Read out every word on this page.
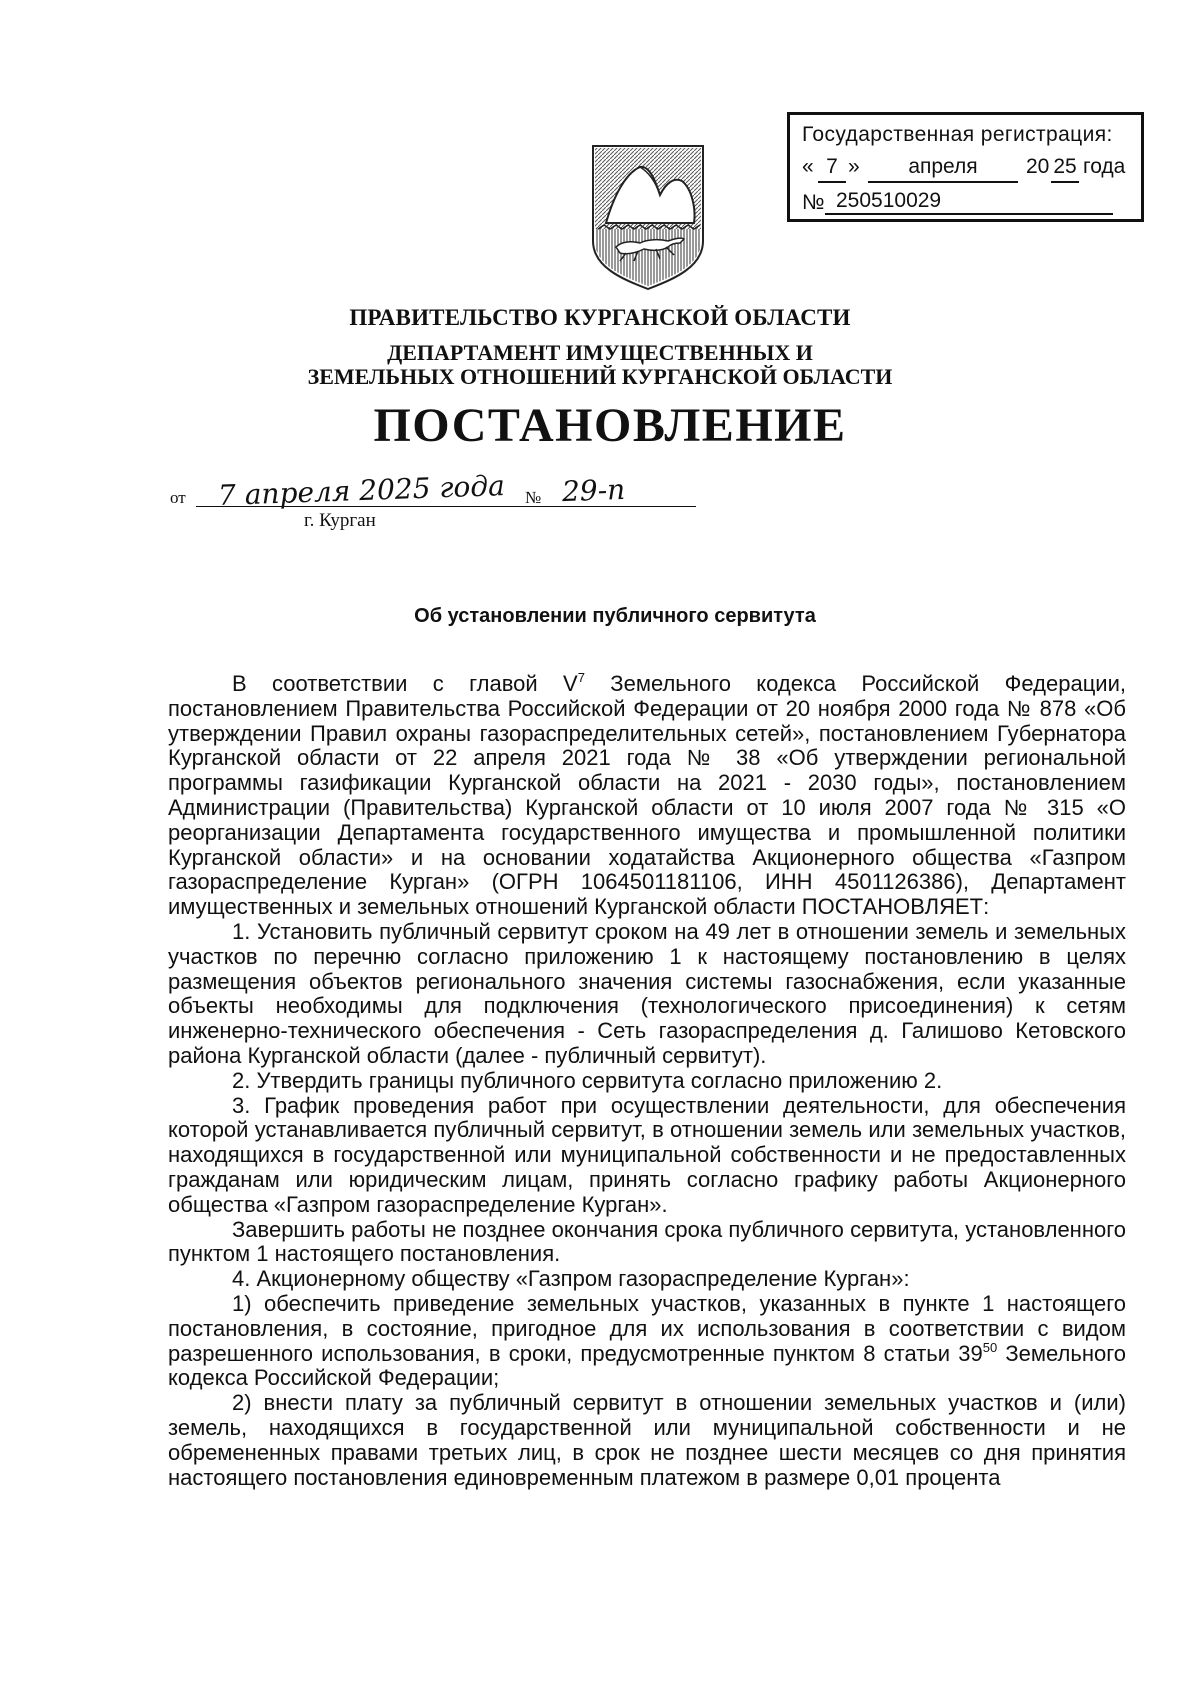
Государственная регистрация:
« 7 »	апреля	20 25 года
№ 250510029
ПРАВИТЕЛЬСТВО КУРГАНСКОЙ ОБЛАСТИ
ДЕПАРТАМЕНТ ИМУЩЕСТВЕННЫХ И
ЗЕМЕЛЬНЫХ ОТНОШЕНИЙ КУРГАНСКОЙ ОБЛАСТИ
ПОСТАНОВЛЕНИЕ
от 7 апреля 2025 года № 29-п
г. Курган
Об установлении публичного сервитута

В соответствии с главой $V^7$ Земельного кодекса Российской Федерации, постановлением Правительства Российской Федерации от 20 ноября 2000 года № 878 «Об утверждении Правил охраны газораспределительных сетей», постановлением Губернатора Курганской области от 22 апреля 2021 года № 38 «Об утверждении региональной программы газификации Курганской области на 2021 - 2030 годы», постановлением Администрации (Правительства) Курганской области от 10 июля 2007 года № 315 «О реорганизации Департамента государственного имущества и промышленной политики Курганской области» и на основании ходатайства Акционерного общества «Газпром газораспределение Курган» (ОГРН 1064501181106, ИНН 4501126386), Департамент имущественных и земельных отношений Курганской области ПОСТАНОВЛЯЕТ:

1. Установить публичный сервитут сроком на 49 лет в отношении земель и земельных участков по перечню согласно приложению 1 к настоящему постановлению в целях размещения объектов регионального значения системы газоснабжения, если указанные объекты необходимы для подключения (технологического присоединения) к сетям инженерно-технического обеспечения - Сеть газораспределения д. Галишово Кетовского района Курганской области (далее - публичный сервитут).

2. Утвердить границы публичного сервитута согласно приложению 2.

3. График проведения работ при осуществлении деятельности, для обеспечения которой устанавливается публичный сервитут, в отношении земель или земельных участков, находящихся в государственной или муниципальной собственности и не предоставленных гражданам или юридическим лицам, принять согласно графику работы Акционерного общества «Газпром газораспределение Курган».

Завершить работы не позднее окончания срока публичного сервитута, установленного пунктом 1 настоящего постановления.

4. Акционерному обществу «Газпром газораспределение Курган»:

1) обеспечить приведение земельных участков, указанных в пункте 1 настоящего постановления, в состояние, пригодное для их использования в соответствии с видом разрешенного использования, в сроки, предусмотренные пунктом 8 статьи $39^{50}$ Земельного кодекса Российской Федерации;

2) внести плату за публичный сервитут в отношении земельных участков и (или) земель, находящихся в государственной или муниципальной собственности и не обремененных правами третьих лиц, в срок не позднее шести месяцев со дня принятия настоящего постановления единовременным платежом в размере 0,01 процента
